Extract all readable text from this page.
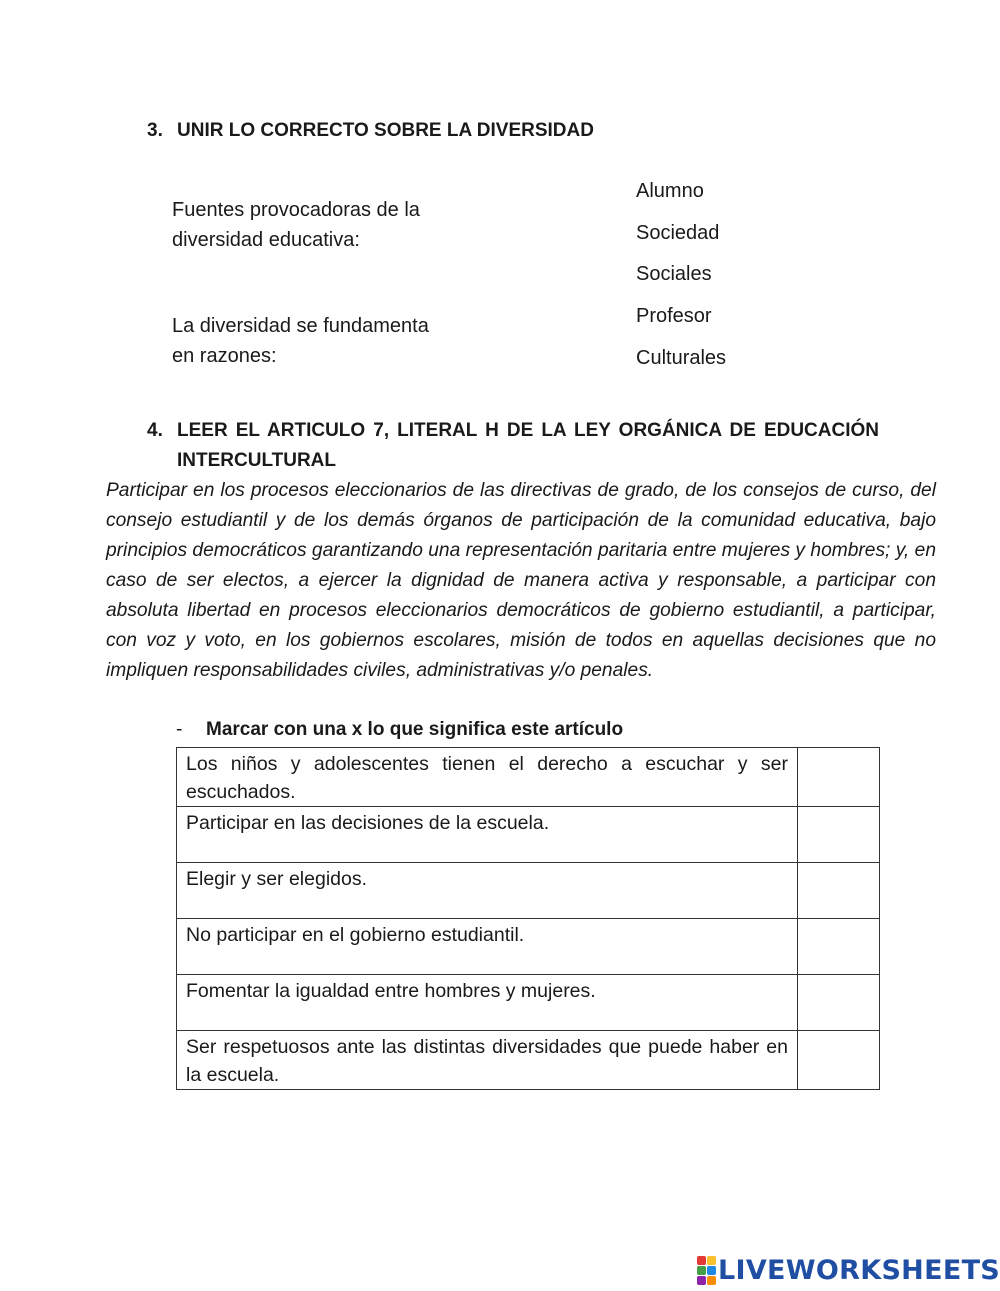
3. UNIR LO CORRECTO SOBRE LA DIVERSIDAD
Fuentes provocadoras de la
diversidad educativa:
La diversidad se fundamenta
en razones:
Alumno
Sociedad
Sociales
Profesor
Culturales
4. LEER EL ARTICULO 7, LITERAL H DE LA LEY ORGÁNICA DE EDUCACIÓN
INTERCULTURAL
Participar en los procesos eleccionarios de las directivas de grado, de los consejos de curso, del consejo estudiantil y de los demás órganos de participación de la comunidad educativa, bajo principios democráticos garantizando una representación paritaria entre mujeres y hombres; y, en caso de ser electos, a ejercer la dignidad de manera activa y responsable, a participar con absoluta libertad en procesos eleccionarios democráticos de gobierno estudiantil, a participar, con voz y voto, en los gobiernos escolares, misión de todos en aquellas decisiones que no impliquen responsabilidades civiles, administrativas y/o penales.
- Marcar con una x lo que significa este artículo
Los niños y adolescentes tienen el derecho a escuchar y ser escuchados.	
Participar en las decisiones de la escuela.	
Elegir y ser elegidos.	
No participar en el gobierno estudiantil.	
Fomentar la igualdad entre hombres y mujeres.	
Ser respetuosos ante las distintas diversidades que puede haber en la escuela.	
LIVEWORKSHEETS
